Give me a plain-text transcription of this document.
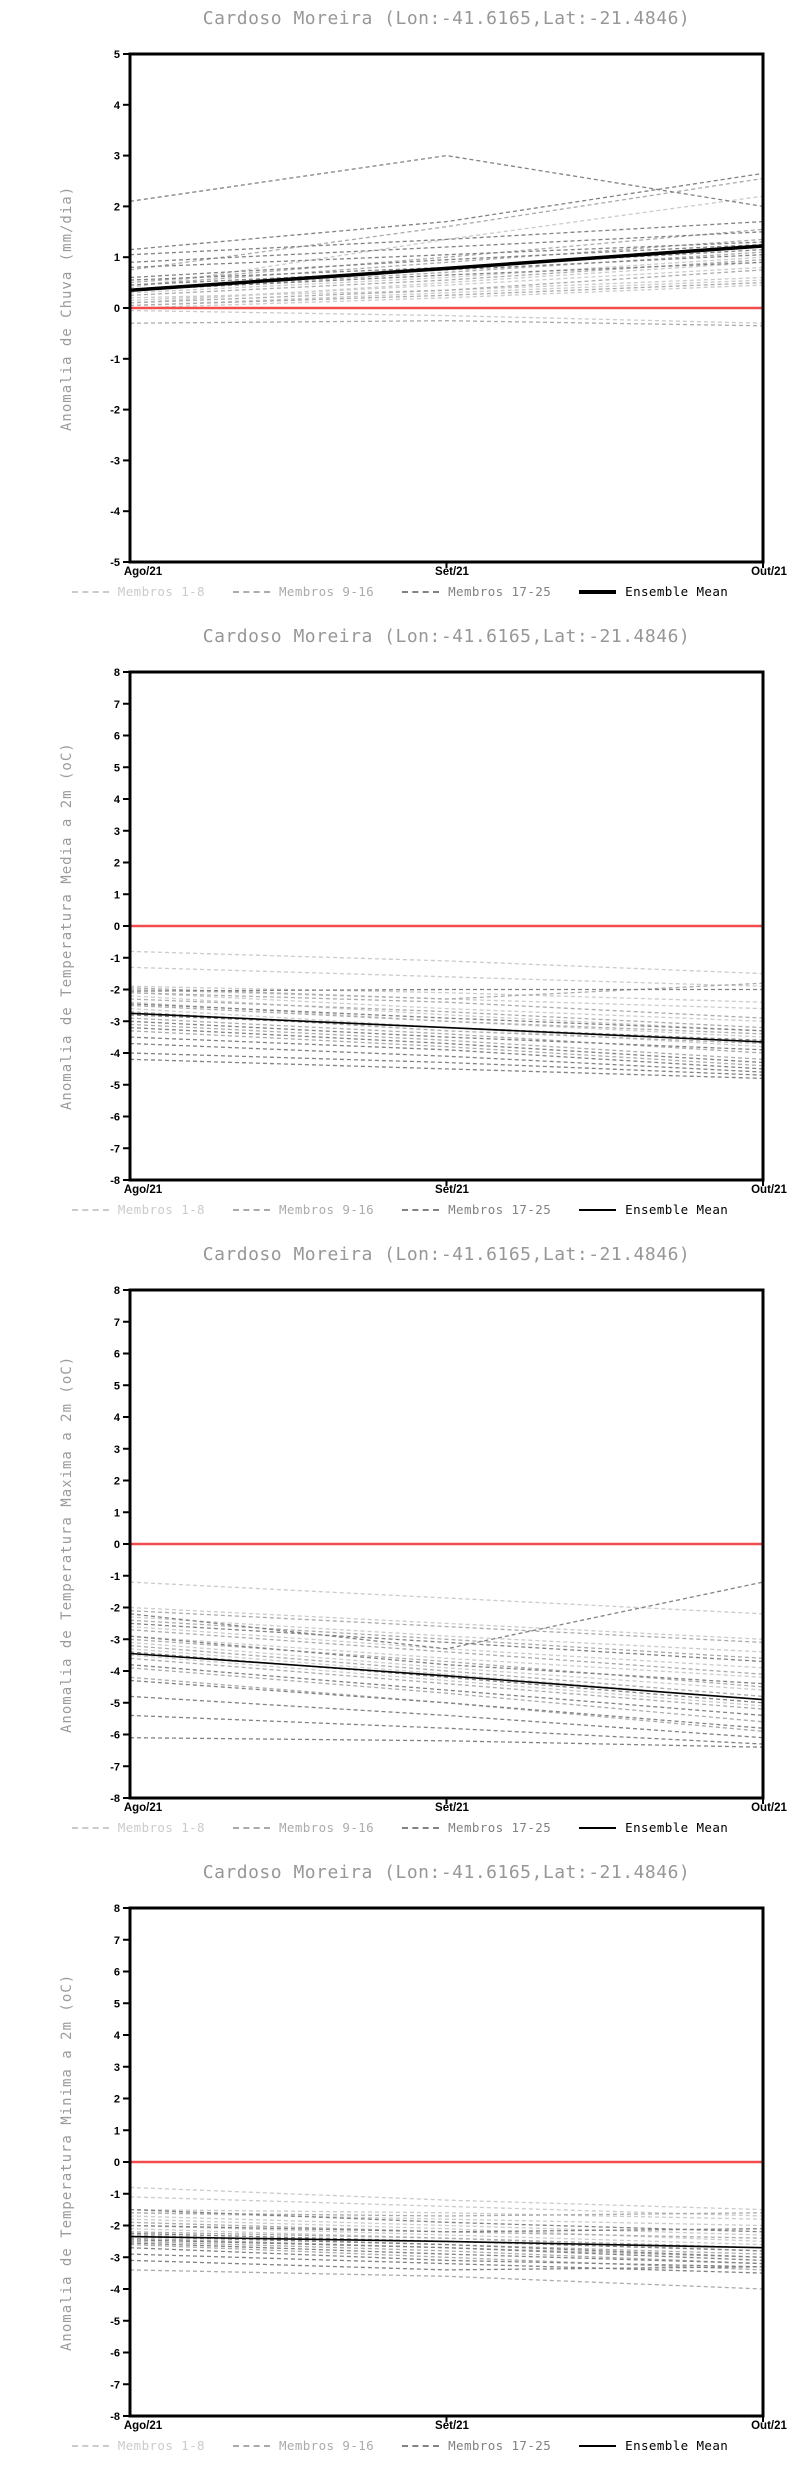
Cardoso Moreira (Lon:-41.6165,Lat:-21.4846)
Anomalia de Chuva (mm/dia)
-5
-4
-3
-2
-1
0
1
2
3
4
5
Ago/21	Set/21	Out/21
Membros 1-8	Membros 9-16	Membros 17-25	Ensemble Mean
Cardoso Moreira (Lon:-41.6165,Lat:-21.4846)
Anomalia de Temperatura Media a 2m (oC)
-8
-7
-6
-5
-4
-3
-2
-1
0
1
2
3
4
5
6
7
8
Ago/21	Set/21	Out/21
Membros 1-8	Membros 9-16	Membros 17-25	Ensemble Mean
Cardoso Moreira (Lon:-41.6165,Lat:-21.4846)
Anomalia de Temperatura Maxima a 2m (oC)
-8
-7
-6
-5
-4
-3
-2
-1
0
1
2
3
4
5
6
7
8
Ago/21	Set/21	Out/21
Membros 1-8	Membros 9-16	Membros 17-25	Ensemble Mean
Cardoso Moreira (Lon:-41.6165,Lat:-21.4846)
Anomalia de Temperatura Minima a 2m (oC)
-8
-7
-6
-5
-4
-3
-2
-1
0
1
2
3
4
5
6
7
8
Ago/21	Set/21	Out/21
Membros 1-8	Membros 9-16	Membros 17-25	Ensemble Mean
